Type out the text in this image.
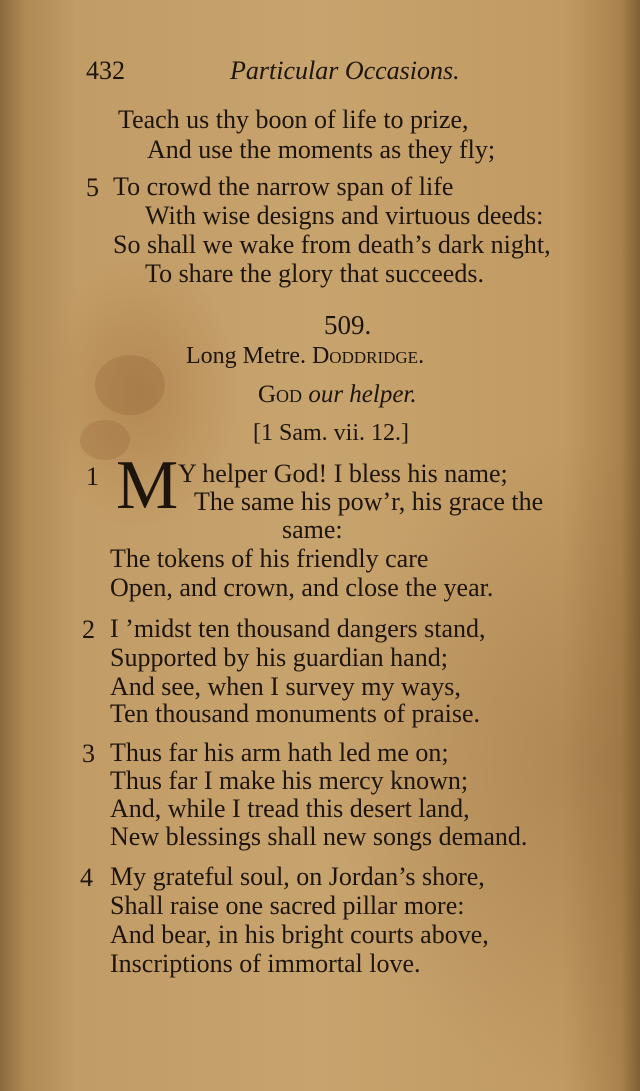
432	Particular Occasions.
Teach us thy boon of life to prize,
And use the moments as they fly;
5 To crowd the narrow span of life
With wise designs and virtuous deeds:
So shall we wake from death’s dark night,
To share the glory that succeeds.
509.
Long Metre. Doddridge.
God our helper.
[1 Sam. vii. 12.]
1 M Y helper God! I bless his name;
The same his pow’r, his grace the
same:
The tokens of his friendly care
Open, and crown, and close the year.
2 I ’midst ten thousand dangers stand,
Supported by his guardian hand;
And see, when I survey my ways,
Ten thousand monuments of praise.
3 Thus far his arm hath led me on;
Thus far I make his mercy known;
And, while I tread this desert land,
New blessings shall new songs demand.
4 My grateful soul, on Jordan’s shore,
Shall raise one sacred pillar more:
And bear, in his bright courts above,
Inscriptions of immortal love.
